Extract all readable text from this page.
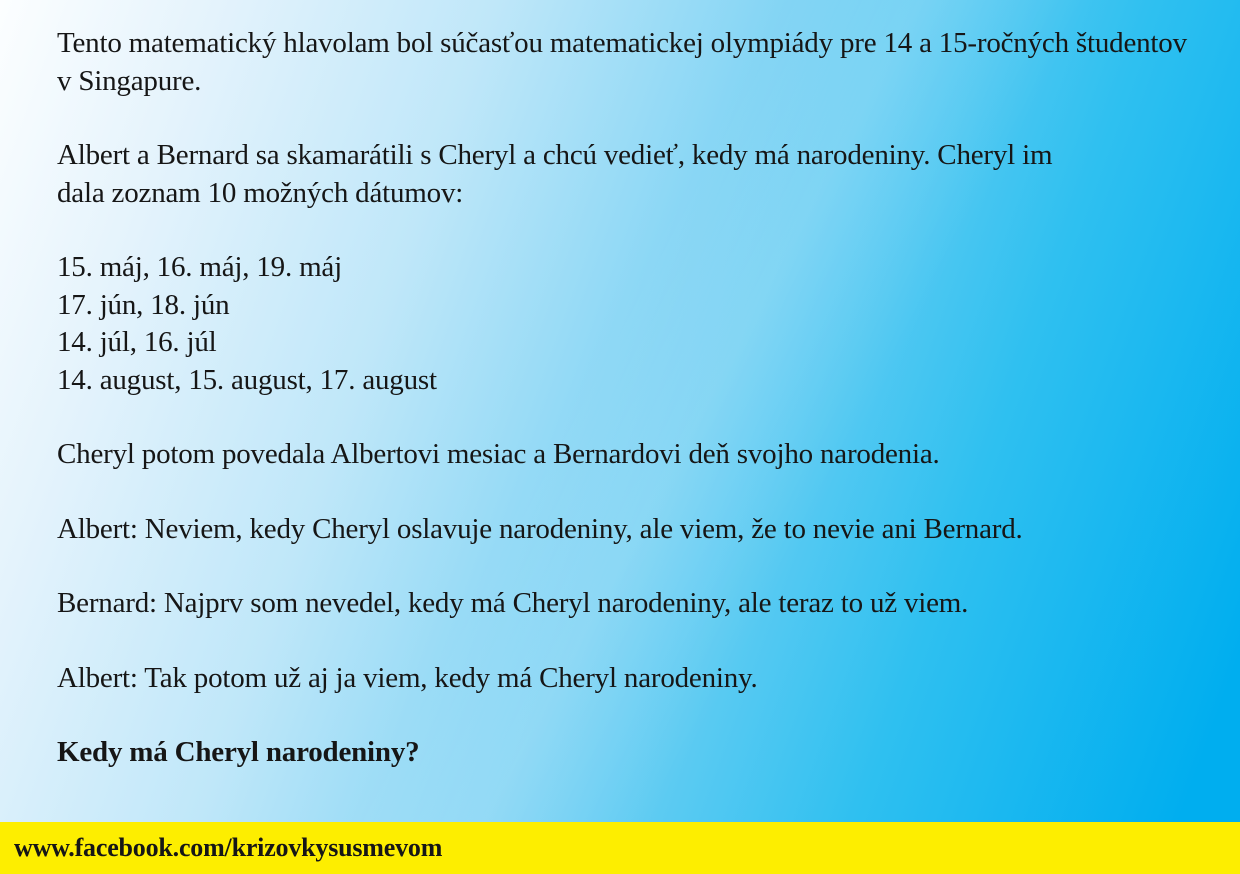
Tento matematický hlavolam bol súčasťou matematickej olympiády pre 14 a 15-ročných študentov
v Singapure.

Albert a Bernard sa skamarátili s Cheryl a chcú vedieť, kedy má narodeniny. Cheryl im
dala zoznam 10 možných dátumov:

15. máj, 16. máj, 19. máj
17. jún, 18. jún
14. júl, 16. júl
14. august, 15. august, 17. august

Cheryl potom povedala Albertovi mesiac a Bernardovi deň svojho narodenia.

Albert: Neviem, kedy Cheryl oslavuje narodeniny, ale viem, že to nevie ani Bernard.

Bernard: Najprv som nevedel, kedy má Cheryl narodeniny, ale teraz to už viem.

Albert: Tak potom už aj ja viem, kedy má Cheryl narodeniny.

Kedy má Cheryl narodeniny?

www.facebook.com/krizovkysusmevom
